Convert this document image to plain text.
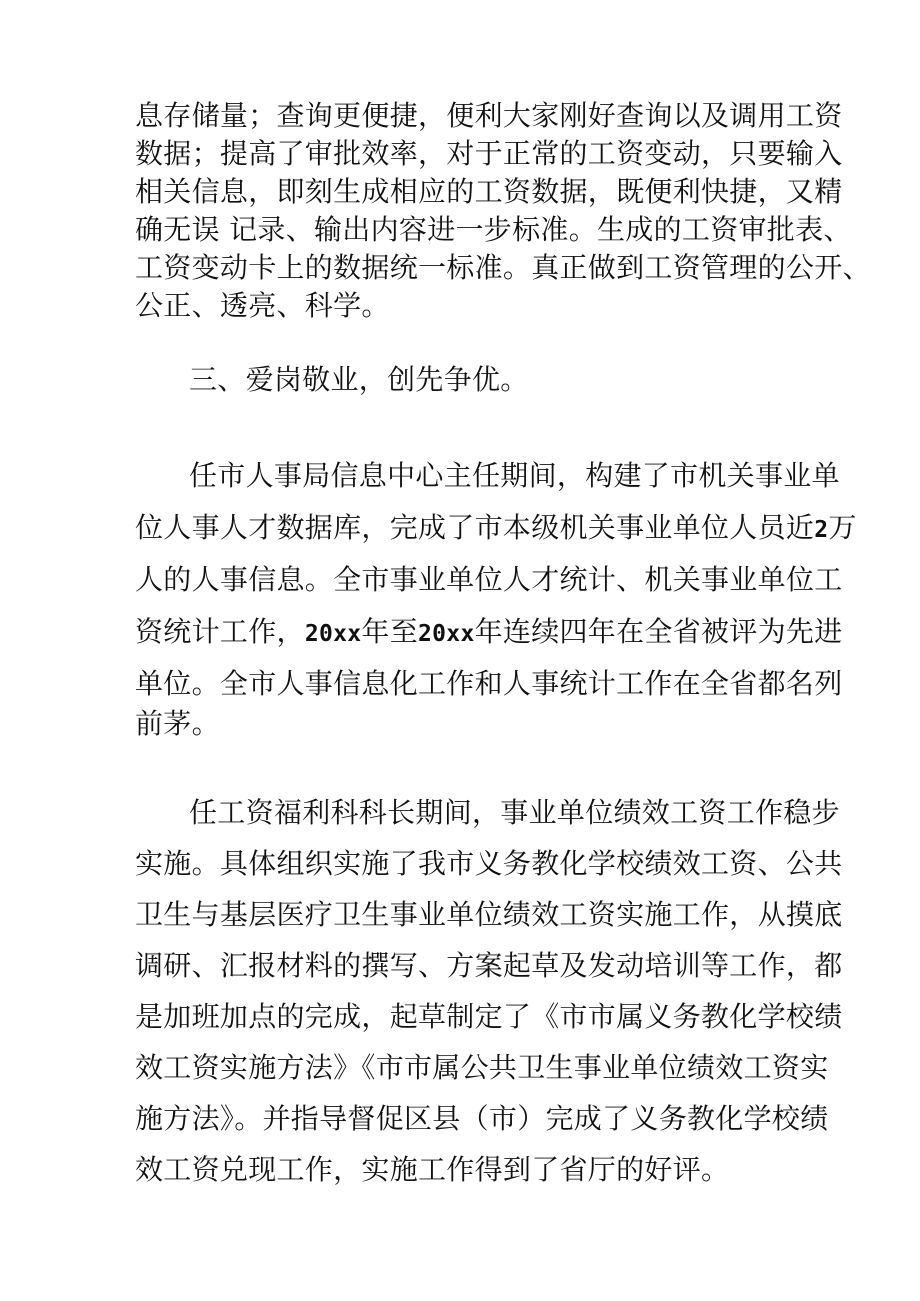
息存储量；查询更便捷，便利大家刚好查询以及调用工资
数据；提高了审批效率，对于正常的工资变动，只要输入
相关信息，即刻生成相应的工资数据，既便利快捷，又精
确无误 记录、输出内容进一步标准。生成的工资审批表、
工资变动卡上的数据统一标准。真正做到工资管理的公开、
公正、透亮、科学。
三、爱岗敬业，创先争优。
任市人事局信息中心主任期间，构建了市机关事业单
位人事人才数据库，完成了市本级机关事业单位人员近2万
人的人事信息。全市事业单位人才统计、机关事业单位工
资统计工作，20xx年至20xx年连续四年在全省被评为先进
单位。全市人事信息化工作和人事统计工作在全省都名列
前茅。
任工资福利科科长期间，事业单位绩效工资工作稳步
实施。具体组织实施了我市义务教化学校绩效工资、公共
卫生与基层医疗卫生事业单位绩效工资实施工作，从摸底
调研、汇报材料的撰写、方案起草及发动培训等工作，都
是加班加点的完成，起草制定了《市市属义务教化学校绩
效工资实施方法》《市市属公共卫生事业单位绩效工资实
施方法》。并指导督促区县（市）完成了义务教化学校绩
效工资兑现工作，实施工作得到了省厅的好评。
